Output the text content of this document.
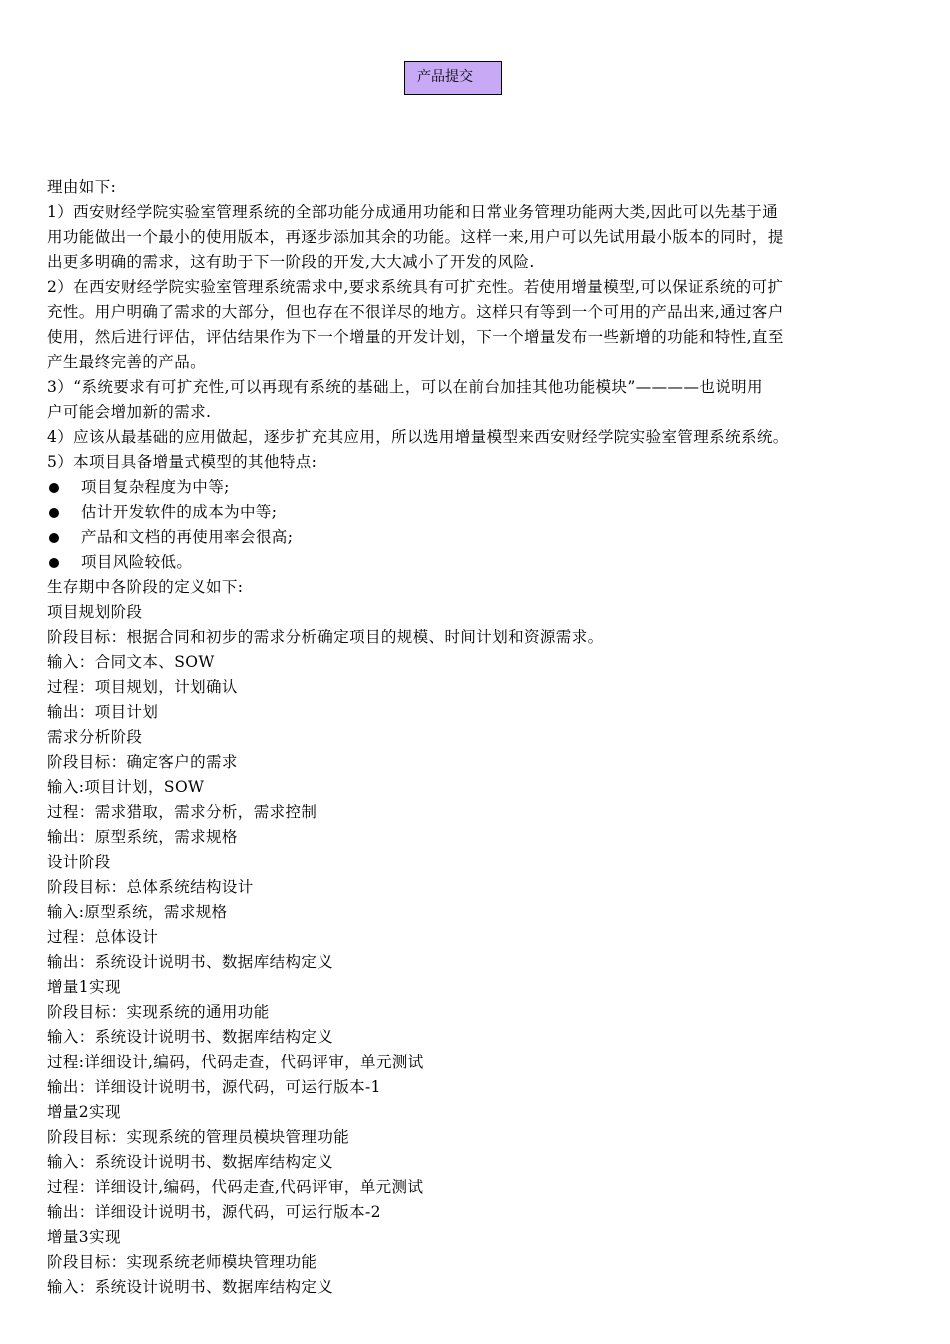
产品提交
理由如下:
1）西安财经学院实验室管理系统的全部功能分成通用功能和日常业务管理功能两大类,因此可以先基于通
用功能做出一个最小的使用版本，再逐步添加其余的功能。这样一来,用户可以先试用最小版本的同时，提
出更多明确的需求，这有助于下一阶段的开发,大大减小了开发的风险.
2）在西安财经学院实验室管理系统需求中,要求系统具有可扩充性。若使用增量模型,可以保证系统的可扩
充性。用户明确了需求的大部分，但也存在不很详尽的地方。这样只有等到一个可用的产品出来,通过客户
使用，然后进行评估，评估结果作为下一个增量的开发计划，下一个增量发布一些新增的功能和特性,直至
产生最终完善的产品。
3）“系统要求有可扩充性,可以再现有系统的基础上，可以在前台加挂其他功能模块”————也说明用
户可能会增加新的需求.
4）应该从最基础的应用做起，逐步扩充其应用，所以选用增量模型来西安财经学院实验室管理系统系统。
5）本项目具备增量式模型的其他特点:
项目复杂程度为中等;
估计开发软件的成本为中等;
产品和文档的再使用率会很高;
项目风险较低。
生存期中各阶段的定义如下:
项目规划阶段
阶段目标：根据合同和初步的需求分析确定项目的规模、时间计划和资源需求。
输入：合同文本、SOW
过程：项目规划，计划确认
输出：项目计划
需求分析阶段
阶段目标：确定客户的需求
输入:项目计划，SOW
过程：需求猎取，需求分析，需求控制
输出：原型系统，需求规格
设计阶段
阶段目标：总体系统结构设计
输入:原型系统，需求规格
过程：总体设计
输出：系统设计说明书、数据库结构定义
增量1实现
阶段目标：实现系统的通用功能
输入：系统设计说明书、数据库结构定义
过程:详细设计,编码，代码走查，代码评审，单元测试
输出：详细设计说明书，源代码，可运行版本-1
增量2实现
阶段目标：实现系统的管理员模块管理功能
输入：系统设计说明书、数据库结构定义
过程：详细设计,编码，代码走查,代码评审，单元测试
输出：详细设计说明书，源代码，可运行版本-2
增量3实现
阶段目标：实现系统老师模块管理功能
输入：系统设计说明书、数据库结构定义
